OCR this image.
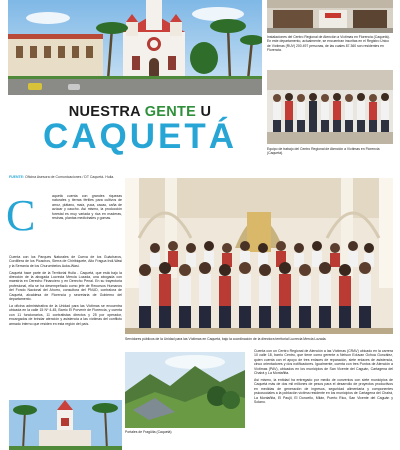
Instalaciones del Centro Regional de Atención a Víctimas en Florencia (Caquetá). En este departamento, actualmente, se encuentran inscritas en el Registro Único de Víctimas (RUV) 200.497 personas, de las cuales 87.360 son residentes en Florencia.
Equipo de trabajo del Centro Regional de Atención a Víctimas en Florencia (Caquetá).
NUESTRA GENTE U
CAQUETÁ
FUENTE: Oficina Asesora de Comunicaciones / DT Caquetá- Huila.
C	aquetá cuenta con grandes riquezas naturales y tierras fértiles para cultivos de arroz, plátano, maíz, yuca, cacao, caña de azúcar y caucho. Así mismo, la producción forestal es muy variada y rica en maderas, resinas, plantas medicinales y gomas.

Cuenta con los Parques Naturales de Cueva de los Guácharos, Cordillera de los Picachos, Sierra de Chiribiquete, Alto Fragua Indi-Wasi y la Serranía de los Churumbelos Auka-Wasi.

Caquetá hace parte de la Territorial Huila - Caquetá, que está bajo la dirección de la abogada Lucrecia Mercia Lozada, una abogada con maestría en Derecho Financiero y en Derecho Penal. En su trayectoria profesional, ella se ha desempeñado como jefe de Recursos Humanos del Fondo Nacional del Ahorro, consultora del PNUD, contralora de Caquetá, alcaldesa de Florencia y secretaria de Gobierno del departamento.

La oficina administrativa de la Unidad para las Víctimas se encuentra ubicada en la calle 15 Nº 4-45, Barrio El Porvenir de Florencia, y cuenta con 11 funcionarios, 11 contratistas directos y 25 por operador, encargados de brindar atención y asistencia a las víctimas del conflicto armado interno que residen en esta región del país.

Servidores públicos de la Unidad para las Víctimas en Caquetá, bajo la coordinación de la directora territorial Lucrecia Mercia Lozada.
Portales de Fragüita (Caquetá)

Cuenta con un Centro Regional de Atención a las Víctimas (CRAV) ubicado en la carrera 10 calle 18, barrio Centro, que tiene como gerente a Nelson Eduvan Ochoa González, quien cuenta con el apoyo de tres enlaces de reparación, siete enlaces de asistencia, cinco orientadores y dos notificadores. Igualmente, cuenta con tres Puntos de Atención a Víctimas (PAV), ubicados en los municipios de San Vicente del Caguán, Cartagena del Chairá y La Montañita.

Así mismo, la entidad ha entregado por medio de convenios con siete municipios de Caquetá más de dos mil millones de pesos para el desarrollo de proyectos productivos en medidas de generación de ingresos, seguridad alimentaria y componentes psicosociales a la población víctima residente en los municipios de Cartagena del Chairá, La Montañita, El Paujil, El Doncello, Milán, Puerto Rico, San Vicente del Caguán y Solano.
